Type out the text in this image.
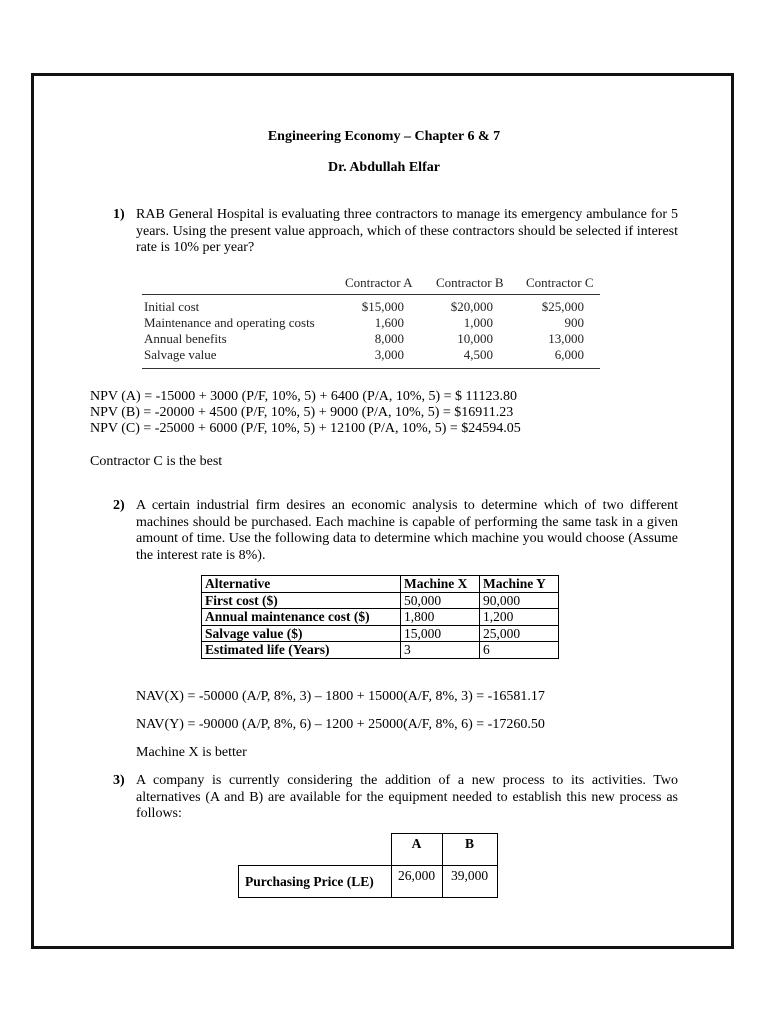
Engineering Economy – Chapter 6 & 7
Dr. Abdullah Elfar
1) RAB General Hospital is evaluating three contractors to manage its emergency ambulance for 5 years. Using the present value approach, which of these contractors should be selected if interest rate is 10% per year?
Contractor A Contractor B Contractor C
Initial cost	$15,000	$20,000	$25,000
Maintenance and operating costs	1,600	1,000	900
Annual benefits	8,000	10,000	13,000
Salvage value	3,000	4,500	6,000
NPV (A) = -15000 + 3000 (P/F, 10%, 5) + 6400 (P/A, 10%, 5) = $ 11123.80
NPV (B) = -20000 + 4500 (P/F, 10%, 5) + 9000 (P/A, 10%, 5) = $16911.23
NPV (C) = -25000 + 6000 (P/F, 10%, 5) + 12100 (P/A, 10%, 5) = $24594.05
Contractor C is the best
2) A certain industrial firm desires an economic analysis to determine which of two different machines should be purchased. Each machine is capable of performing the same task in a given amount of time. Use the following data to determine which machine you would choose (Assume the interest rate is 8%).
Alternative	Machine X	Machine Y
First cost ($)	50,000	90,000
Annual maintenance cost ($)	1,800	1,200
Salvage value ($)	15,000	25,000
Estimated life (Years)	3	6
NAV(X) = -50000 (A/P, 8%, 3) – 1800 + 15000(A/F, 8%, 3) = -16581.17
NAV(Y) = -90000 (A/P, 8%, 6) – 1200 + 25000(A/F, 8%, 6) = -17260.50
Machine X is better
3) A company is currently considering the addition of a new process to its activities. Two alternatives (A and B) are available for the equipment needed to establish this new process as follows:
	A	B
Purchasing Price (LE)	26,000	39,000
